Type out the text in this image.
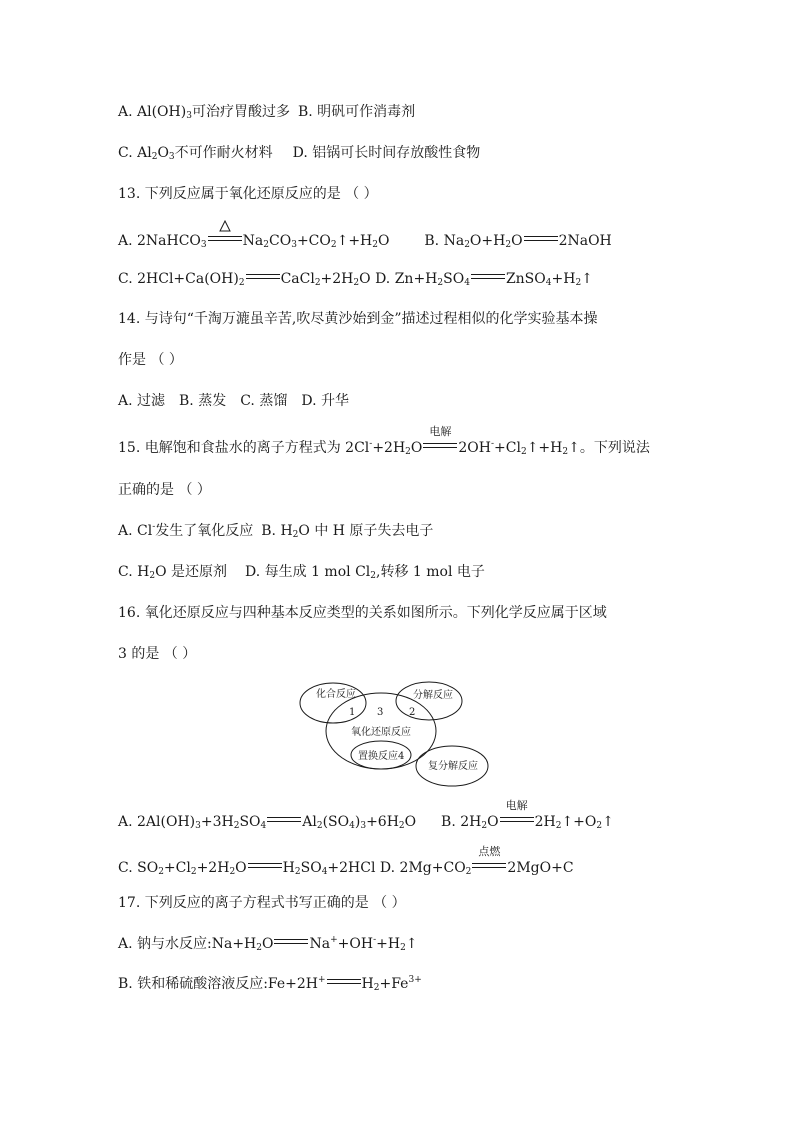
A. $Al(OH)_3$可治疗胃酸过多 B. 明矾可作消毒剂
C. $Al_2O_3$不可作耐火材料 D. 铝锅可长时间存放酸性食物
13. 下列反应属于氧化还原反应的是 （ ）
A. 2NaHCO$_3$	$Na_2CO_3+CO_2↑+H_2O$  B. $Na_2O+H_2O$	2NaOH
C. $2HCl+Ca(OH)_2$	$CaCl_2+2H_2O$ D. $Zn+H_2SO_4$	$ZnSO_4+H_2↑$
14. 与诗句“千淘万漉虽辛苦,吹尽黄沙始到金”描述过程相似的化学实验基本操
作是 （ ）
A. 过滤 B. 蒸发 C. 蒸馏 D. 升华
15. 电解饱和食盐水的离子方程式为 $2Cl^-+2H_2O$
电解
$2OH^-+Cl_2↑+H_2↑$。下列说法
正确的是 （ ）
A. Cl-发生了氧化反应 B. $H_2O$ 中 H 原子失去电子
C. $H_2O$ 是还原剂 D. 每生成 1 mol $Cl_2$,转移 1 mol 电子
16. 氧化还原反应与四种基本反应类型的关系如图所示。下列化学反应属于区域
3 的是 （ ）
化合反应	分解反应
1 3	2
氧化还原反应
置换反应4
复分解反应
A. $2Al(OH)_3+3H_2SO_4$	$Al_2(SO_4)_3+6H_2O$  B. $2H_2O$
电解
$2H_2↑+O_2↑$
C. $SO_2+Cl_2+2H_2O$	$H_2SO_4+2HCl$ D. $2Mg+CO_2$
点燃
2MgO+C
17. 下列反应的离子方程式书写正确的是 （ ）
A. 钠与水反应$:Na+H_2O$	$Na^++OH^-+H_2↑$
B. 铁和稀硫酸溶液反应:Fe+2H+	$H_2+Fe^{3+}$
